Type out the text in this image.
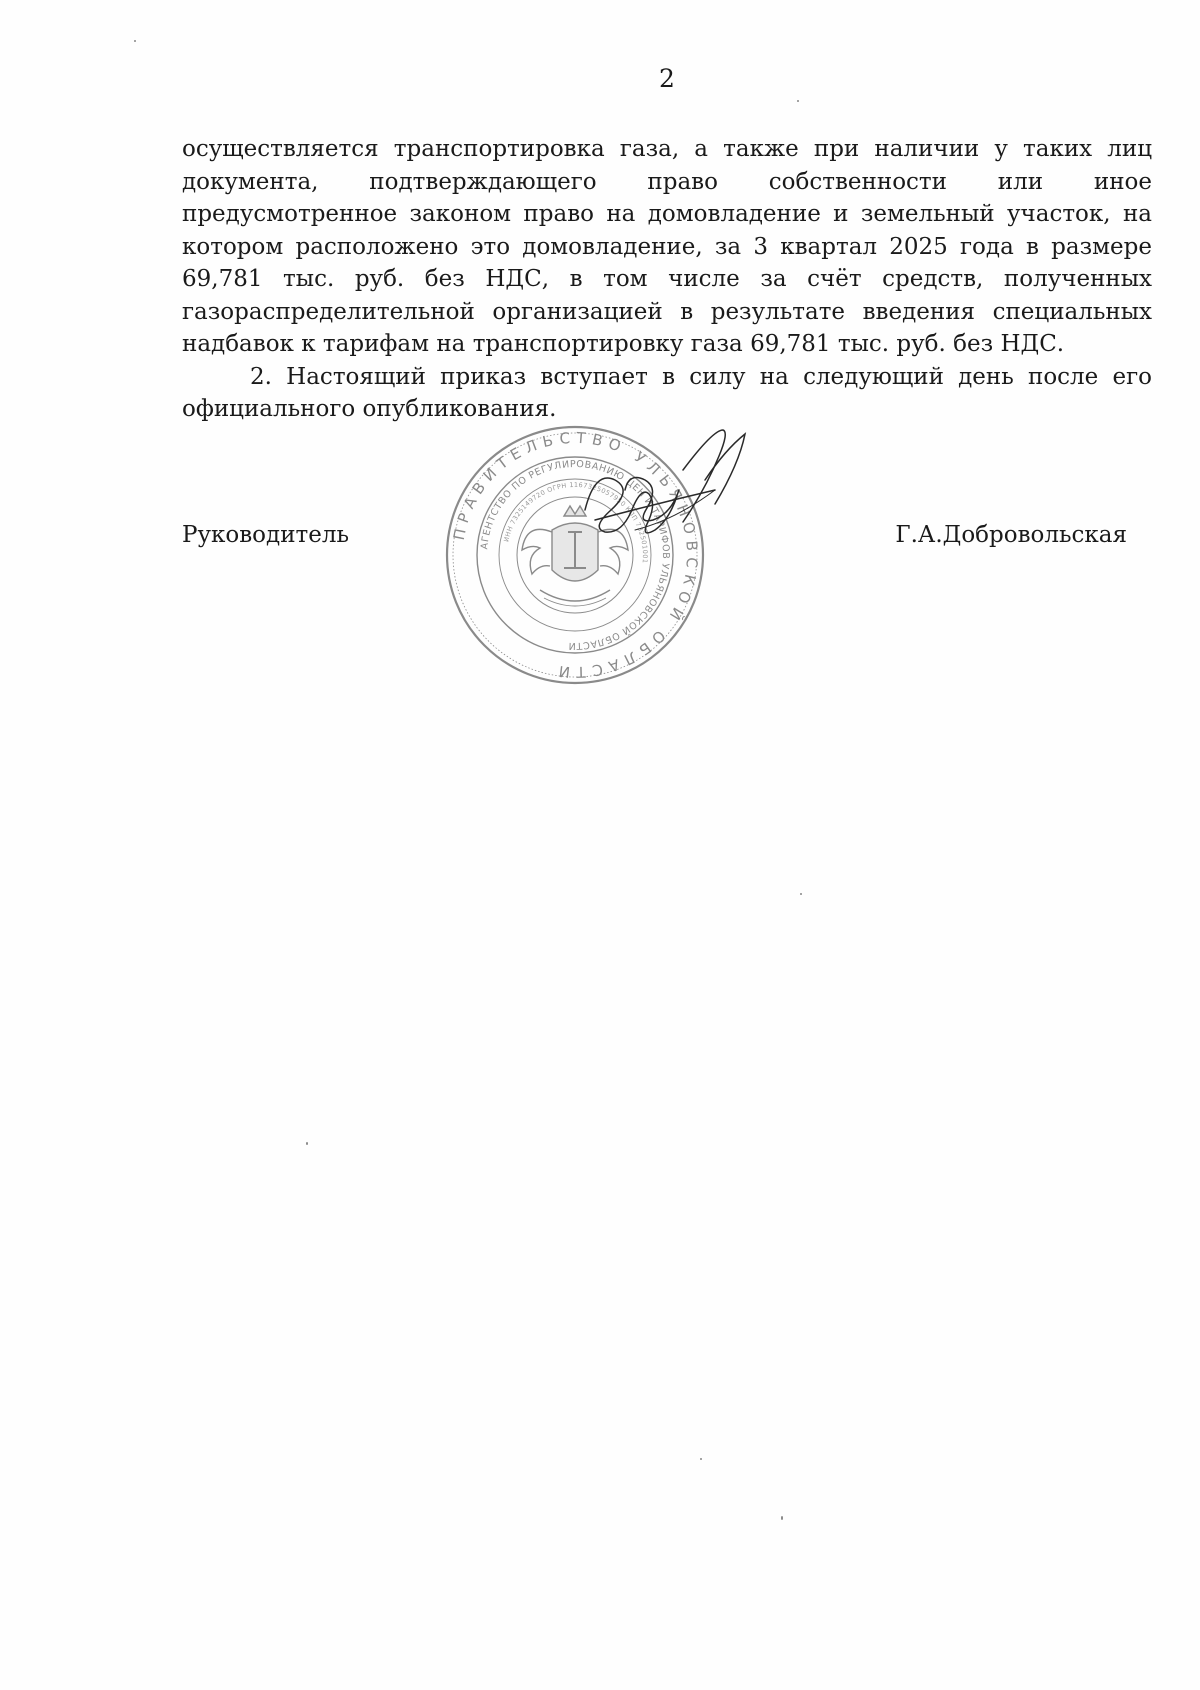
2

осуществляется транспортировка газа, а также при наличии у таких лиц документа, подтверждающего право собственности или иное предусмотренное законом право на домовладение и земельный участок, на котором расположено это домовладение, за 3 квартал 2025 года в размере 69,781 тыс. руб. без НДС, в том числе за счёт средств, полученных газораспределительной организацией в результате введения специальных надбавок к тарифам на транспортировку газа 69,781 тыс. руб. без НДС.

2. Настоящий приказ вступает в силу на следующий день после его официального опубликования.

ПРАВИТЕЛЬСТВО УЛЬЯНОВСКОЙ ОБЛАСТИ
АГЕНТСТВО ПО РЕГУЛИРОВАНИЮ ЦЕН И ТАРИФОВ УЛЬЯНОВСКОЙ ОБЛАСТИ
ИНН 7325149720 ОГРН 1167325057950 КПП 732501001
Руководитель	Г.А.Добровольская
